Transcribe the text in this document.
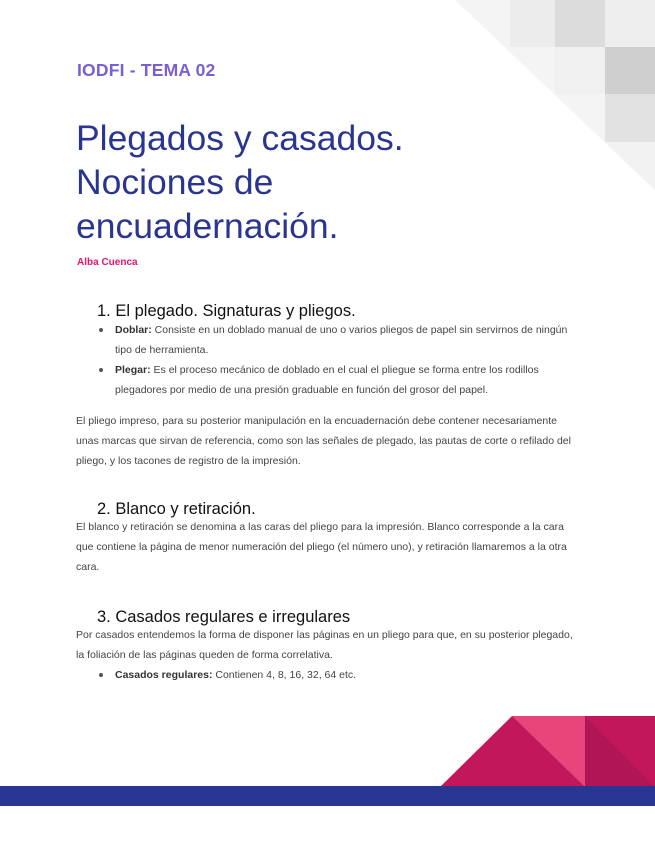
IODFI - TEMA 02
Plegados y casados. Nociones de encuadernación.
Alba Cuenca
1. El plegado. Signaturas y pliegos.
Doblar: Consiste en un doblado manual de uno o varios pliegos de papel sin servirnos de ningún tipo de herramienta.
Plegar: Es el proceso mecánico de doblado en el cual el pliegue se forma entre los rodillos plegadores por medio de una presión graduable en función del grosor del papel.

El pliego impreso, para su posterior manipulación en la encuadernación debe contener necesariamente unas marcas que sirvan de referencia, como son las señales de plegado, las pautas de corte o refilado del pliego, y los tacones de registro de la impresión.

2. Blanco y retiración.

El blanco y retiración se denomina a las caras del pliego para la impresión. Blanco corresponde a la cara que contiene la página de menor numeración del pliego (el número uno), y retiración llamaremos a la otra cara.

3. Casados regulares e irregulares

Por casados entendemos la forma de disponer las páginas en un pliego para que, en su posterior plegado, la foliación de las páginas queden de forma correlativa.

Casados regulares: Contienen 4, 8, 16, 32, 64 etc.
